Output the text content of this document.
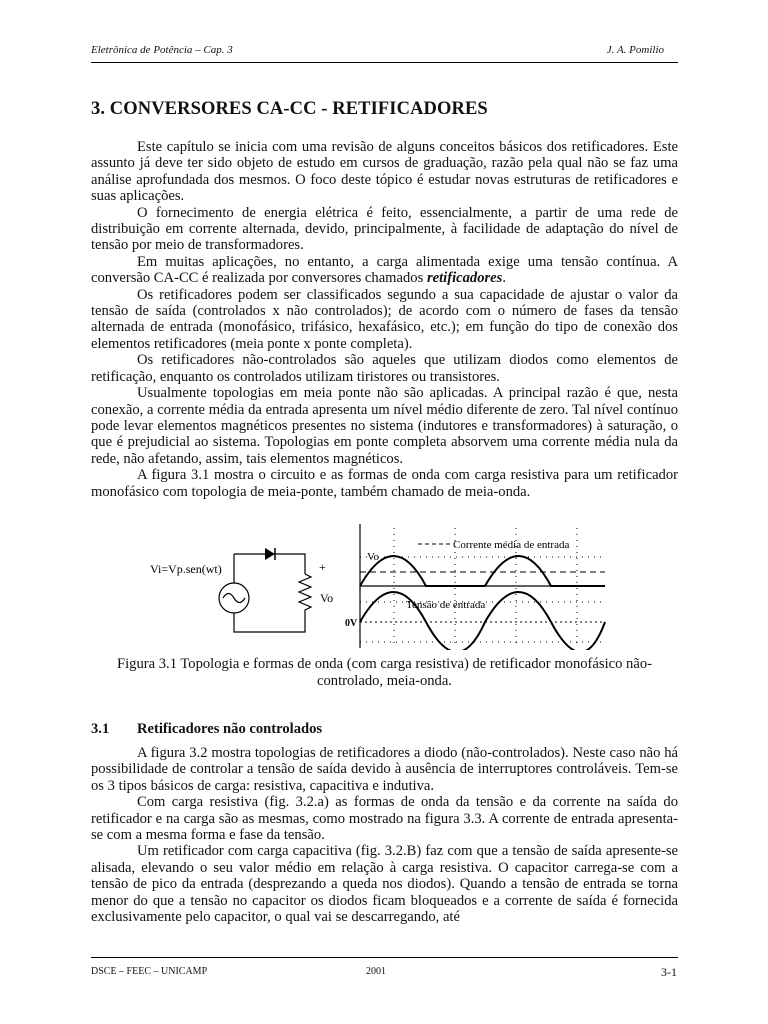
Eletrônica de Potência – Cap. 3	J. A. Pomilio
3. CONVERSORES CA-CC - RETIFICADORES

Este capítulo se inicia com uma revisão de alguns conceitos básicos dos retificadores. Este assunto já deve ter sido objeto de estudo em cursos de graduação, razão pela qual não se faz uma análise aprofundada dos mesmos. O foco deste tópico é estudar novas estruturas de retificadores e suas aplicações.

O fornecimento de energia elétrica é feito, essencialmente, a partir de uma rede de distribuição em corrente alternada, devido, principalmente, à facilidade de adaptação do nível de tensão por meio de transformadores.

Em muitas aplicações, no entanto, a carga alimentada exige uma tensão contínua. A conversão CA-CC é realizada por conversores chamados retificadores.

Os retificadores podem ser classificados segundo a sua capacidade de ajustar o valor da tensão de saída (controlados x não controlados); de acordo com o número de fases da tensão alternada de entrada (monofásico, trifásico, hexafásico, etc.); em função do tipo de conexão dos elementos retificadores (meia ponte x ponte completa).

Os retificadores não-controlados são aqueles que utilizam diodos como elementos de retificação, enquanto os controlados utilizam tiristores ou transistores.

Usualmente topologias em meia ponte não são aplicadas. A principal razão é que, nesta conexão, a corrente média da entrada apresenta um nível médio diferente de zero. Tal nível contínuo pode levar elementos magnéticos presentes no sistema (indutores e transformadores) à saturação, o que é prejudicial ao sistema. Topologias em ponte completa absorvem uma corrente média nula da rede, não afetando, assim, tais elementos magnéticos.

A figura 3.1 mostra o circuito e as formas de onda com carga resistiva para um retificador monofásico com topologia de meia-ponte, também chamado de meia-onda.

Vi=Vp.sen(wt)	+
Vo
Corrente média de entrada
Vo
Tensão de entrada
0V
Figura 3.1 Topologia e formas de onda (com carga resistiva) de retificador monofásico não-controlado, meia-onda.
3.1 Retificadores não controlados

A figura 3.2 mostra topologias de retificadores a diodo (não-controlados). Neste caso não há possibilidade de controlar a tensão de saída devido à ausência de interruptores controláveis. Tem-se os 3 tipos básicos de carga: resistiva, capacitiva e indutiva.

Com carga resistiva (fig. 3.2.a) as formas de onda da tensão e da corrente na saída do retificador e na carga são as mesmas, como mostrado na figura 3.3. A corrente de entrada apresenta-se com a mesma forma e fase da tensão.

Um retificador com carga capacitiva (fig. 3.2.B) faz com que a tensão de saída apresente-se alisada, elevando o seu valor médio em relação à carga resistiva. O capacitor carrega-se com a tensão de pico da entrada (desprezando a queda nos diodos). Quando a tensão de entrada se torna menor do que a tensão no capacitor os diodos ficam bloqueados e a corrente de saída é fornecida exclusivamente pelo capacitor, o qual vai se descarregando, até

DSCE – FEEC – UNICAMP	2001	3-1
